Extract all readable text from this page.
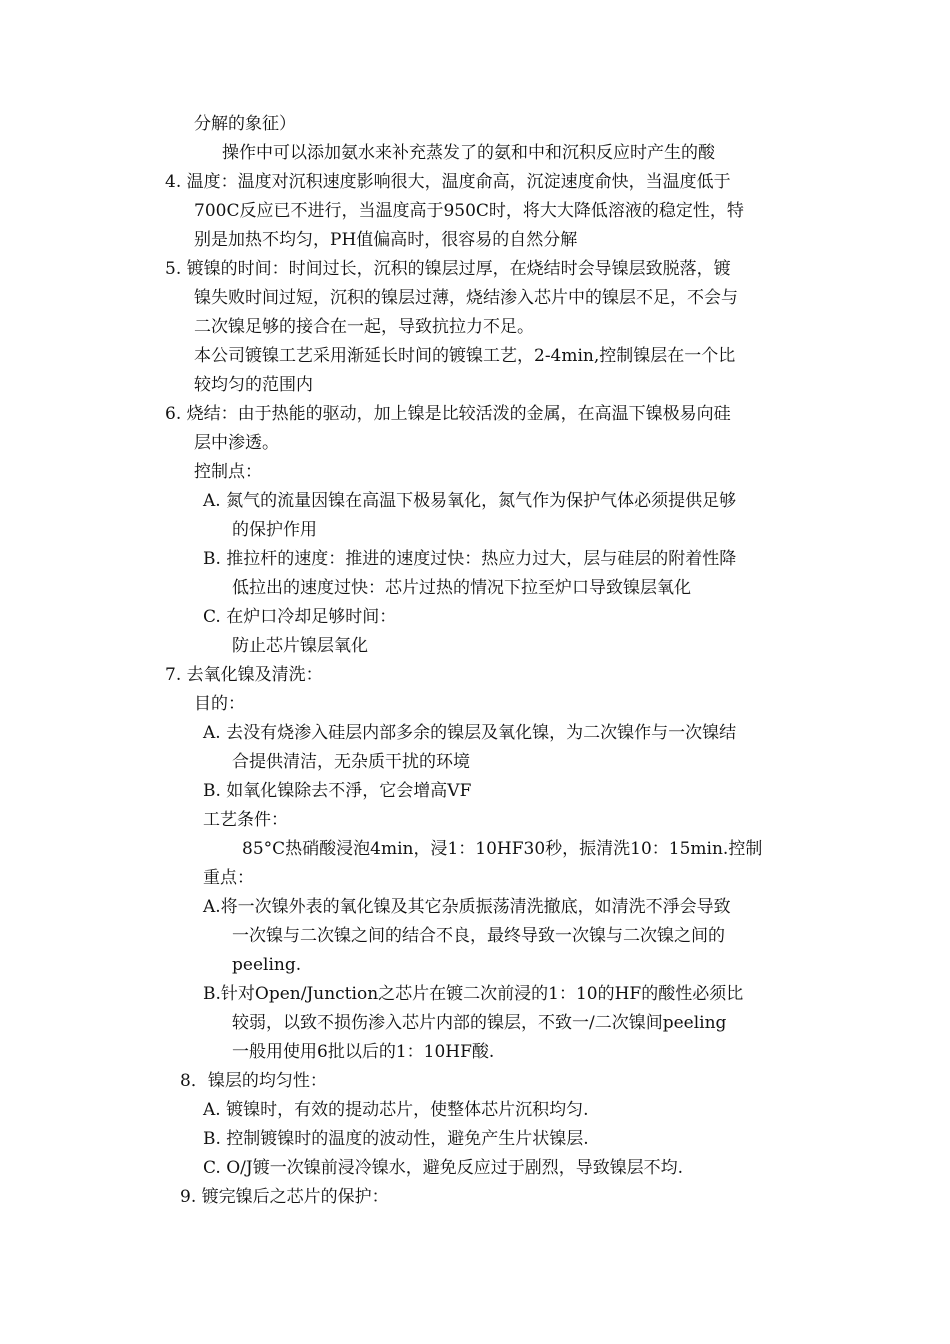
分解的象征）
操作中可以添加氨水来补充蒸发了的氨和中和沉积反应时产生的酸
4. 温度：温度对沉积速度影响很大，温度俞高，沉淀速度俞快，当温度低于
700C反应已不进行，当温度高于950C时，将大大降低溶液的稳定性，特
别是加热不均匀，PH值偏高时，很容易的自然分解
5. 镀镍的时间：时间过长，沉积的镍层过厚，在烧结时会导镍层致脱落，镀
镍失败时间过短，沉积的镍层过薄，烧结渗入芯片中的镍层不足，不会与
二次镍足够的接合在一起，导致抗拉力不足。
本公司镀镍工艺采用渐延长时间的镀镍工艺，2-4min,控制镍层在一个比
较均匀的范围内
6. 烧结：由于热能的驱动，加上镍是比较活泼的金属，在高温下镍极易向硅
层中渗透。
控制点：
A. 氮气的流量因镍在高温下极易氧化，氮气作为保护气体必须提供足够
的保护作用
B. 推拉杆的速度：推进的速度过快：热应力过大，层与硅层的附着性降
低拉出的速度过快：芯片过热的情况下拉至炉口导致镍层氧化
C. 在炉口冷却足够时间：
防止芯片镍层氧化
7. 去氧化镍及清洗：
目的：
A. 去没有烧渗入硅层内部多余的镍层及氧化镍，为二次镍作与一次镍结
合提供清洁，无杂质干扰的环境
B. 如氧化镍除去不淨，它会增高VF
工艺条件：
85°C热硝酸浸泡4min，浸1：10HF30秒，振清洗10：15min.控制
重点：
A.将一次镍外表的氧化镍及其它杂质振荡清洗撤底，如清洗不淨会导致
一次镍与二次镍之间的结合不良，最终导致一次镍与二次镍之间的
peeling.
B.针对Open/Junction之芯片在镀二次前浸的1：10的HF的酸性必须比
较弱，以致不损伤渗入芯片内部的镍层，不致一/二次镍间peeling
一般用使用6批以后的1：10HF酸.
8．镍层的均匀性：
A. 镀镍时，有效的提动芯片，使整体芯片沉积均匀.
B. 控制镀镍时的温度的波动性，避免产生片状镍层.
C. O/J镀一次镍前浸冷镍水，避免反应过于剧烈，导致镍层不均.
9. 镀完镍后之芯片的保护：
